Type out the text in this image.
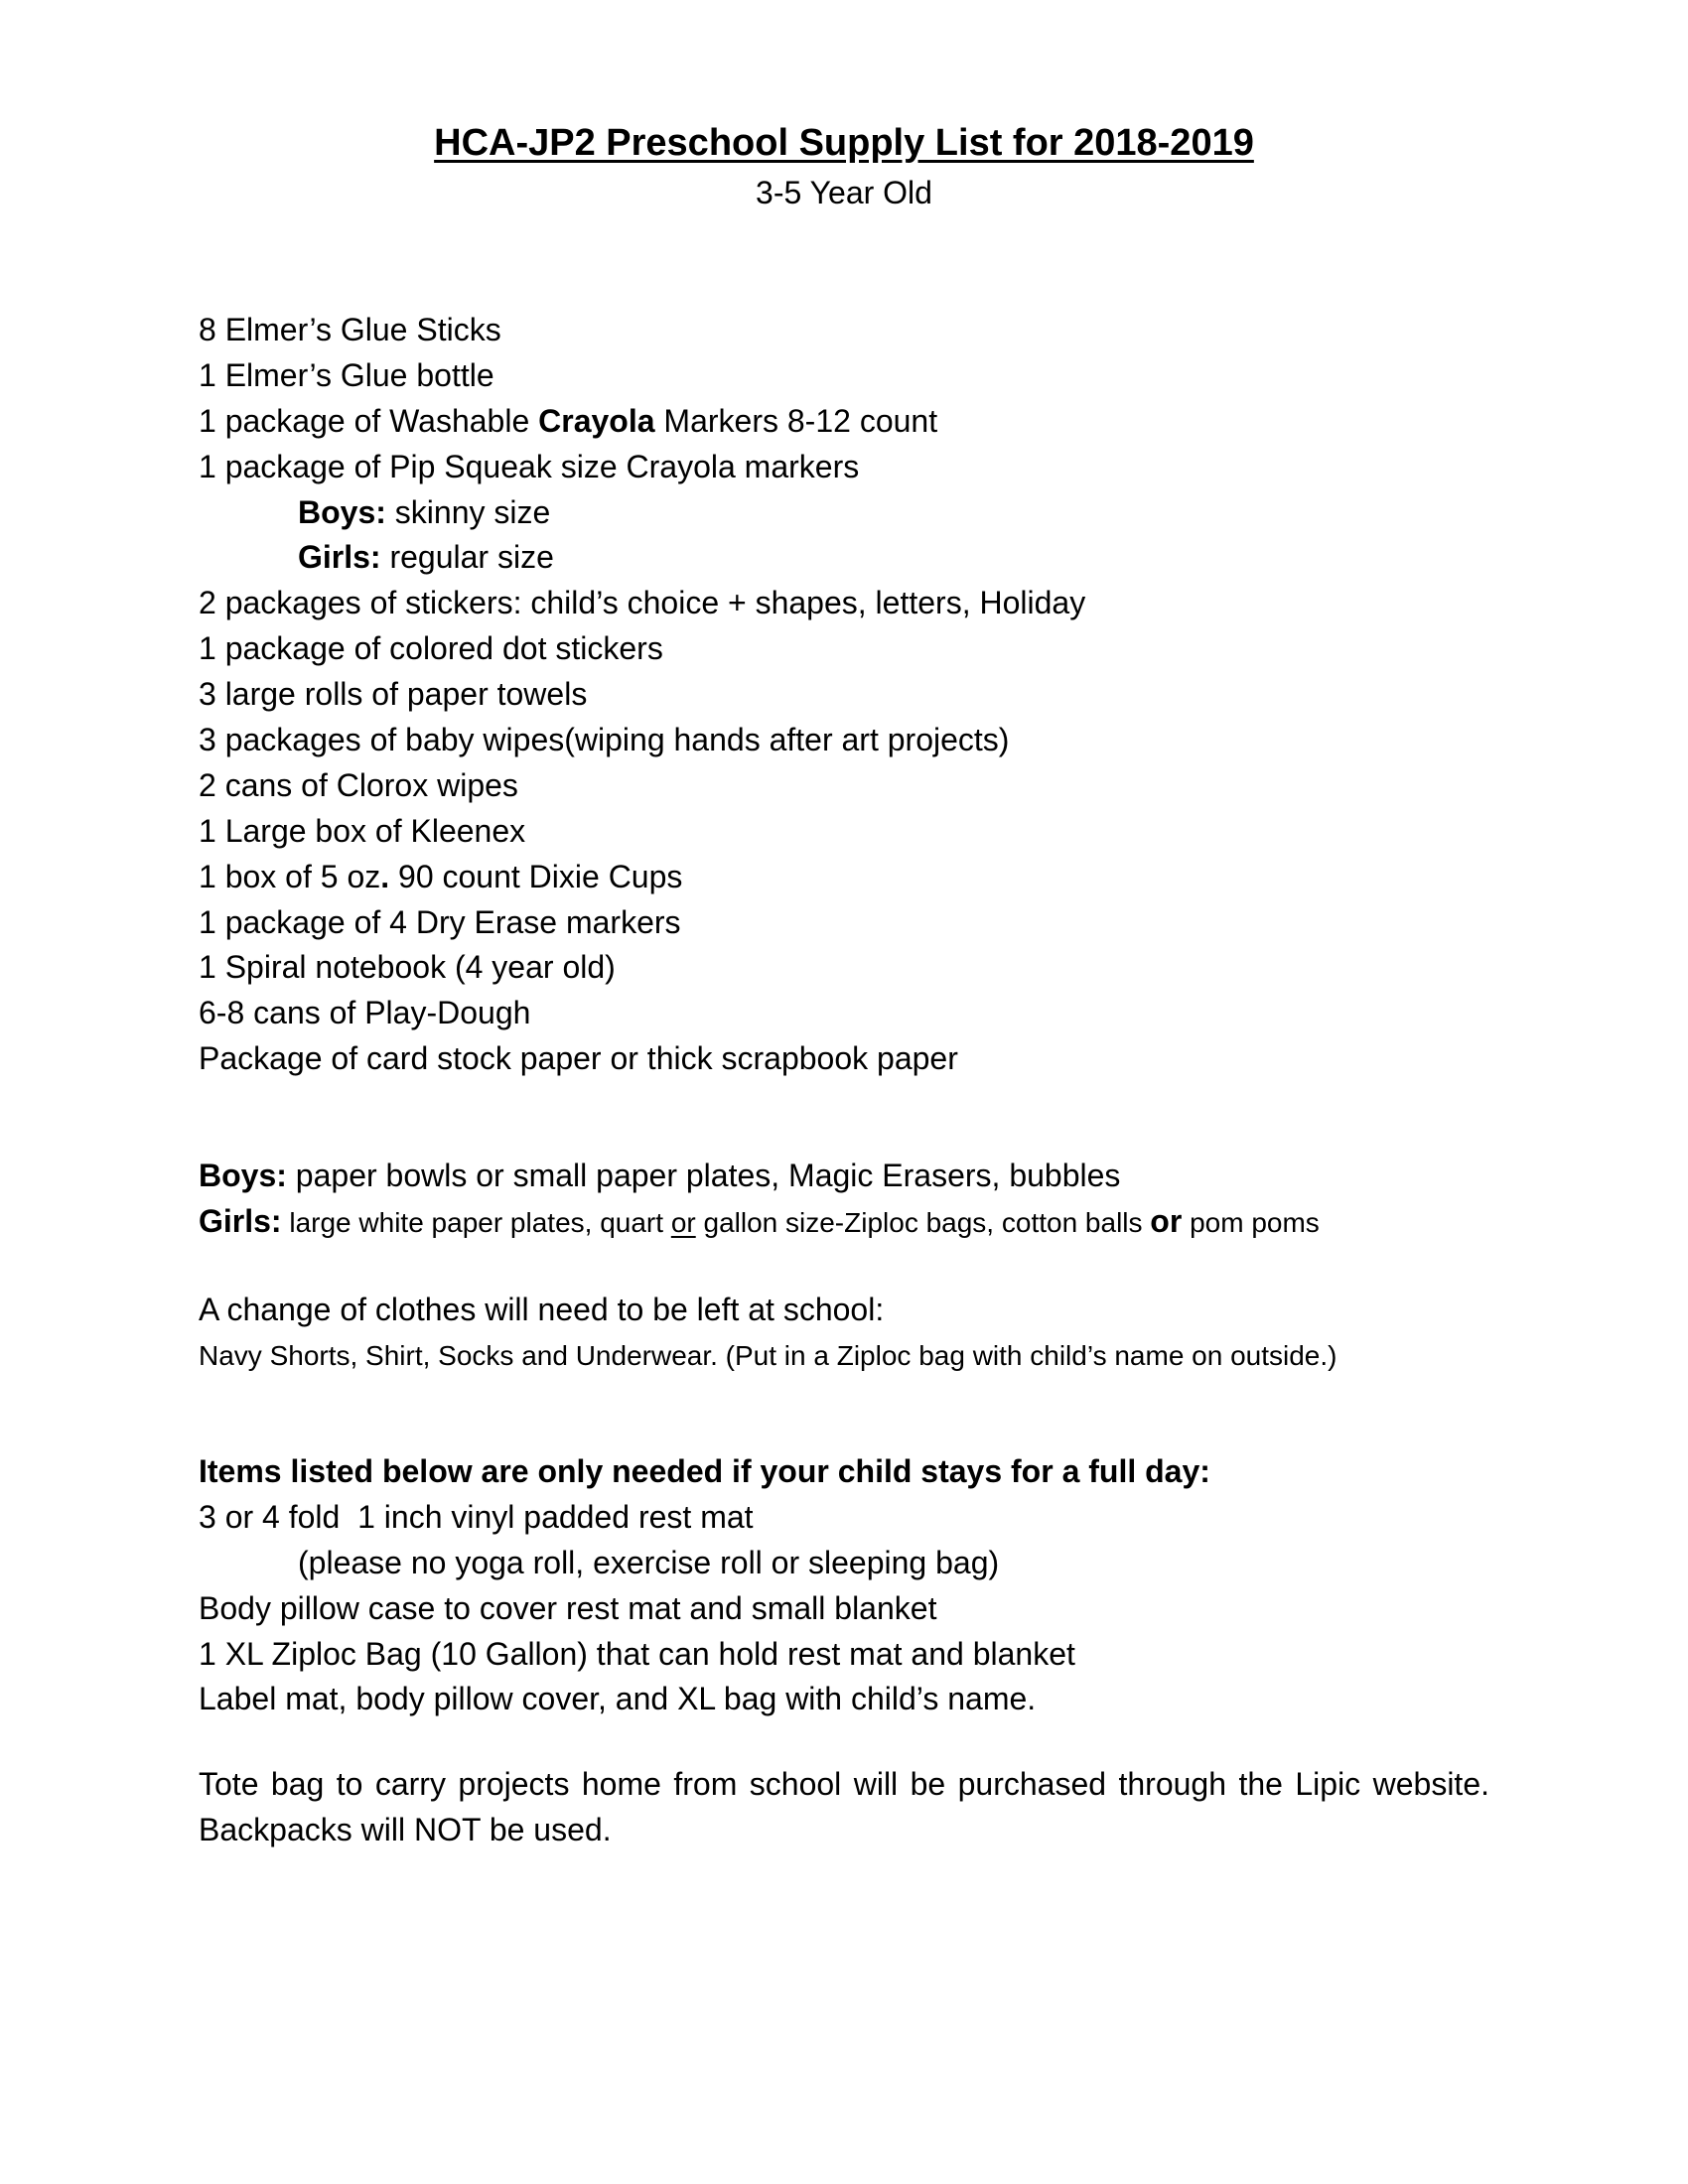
HCA-JP2 Preschool Supply List for 2018-2019
3-5 Year Old
8 Elmer’s Glue Sticks
1 Elmer’s Glue bottle
1 package of Washable Crayola Markers 8-12 count
1 package of Pip Squeak size Crayola markers
Boys: skinny size
Girls: regular size
2 packages of stickers: child’s choice + shapes, letters, Holiday
1 package of colored dot stickers
3 large rolls of paper towels
3 packages of baby wipes(wiping hands after art projects)
2 cans of Clorox wipes
1 Large box of Kleenex
1 box of 5 oz. 90 count Dixie Cups
1 package of 4 Dry Erase markers
1 Spiral notebook (4 year old)
6-8 cans of Play-Dough
Package of card stock paper or thick scrapbook paper
Boys: paper bowls or small paper plates, Magic Erasers, bubbles
Girls: large white paper plates, quart or gallon size-Ziploc bags, cotton balls or pom poms
A change of clothes will need to be left at school:
Navy Shorts, Shirt, Socks and Underwear. (Put in a Ziploc bag with child’s name on outside.)
Items listed below are only needed if your child stays for a full day:
3 or 4 fold  1 inch vinyl padded rest mat
(please no yoga roll, exercise roll or sleeping bag)
Body pillow case to cover rest mat and small blanket
1 XL Ziploc Bag (10 Gallon) that can hold rest mat and blanket
Label mat, body pillow cover, and XL bag with child’s name.
Tote bag to carry projects home from school will be purchased through the Lipic website. Backpacks will NOT be used.
